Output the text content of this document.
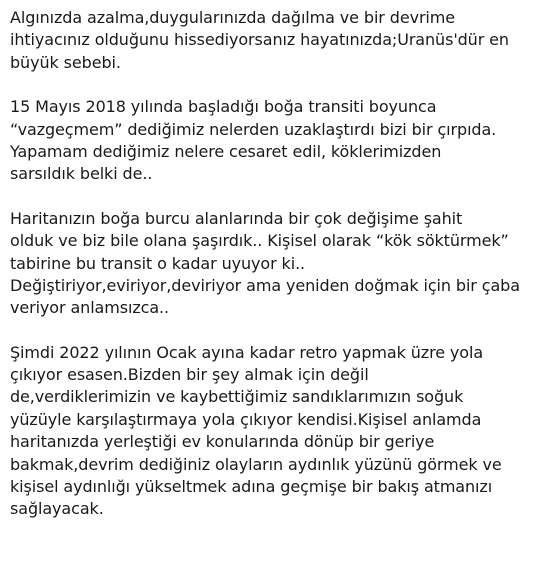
Algınızda azalma,duygularınızda dağılma ve bir devrime
ihtiyacınız olduğunu hissediyorsanız hayatınızda;Uranüs'dür en
büyük sebebi.
15 Mayıs 2018 yılında başladığı boğa transiti boyunca
“vazgeçmem” dediğimiz nelerden uzaklaştırdı bizi bir çırpıda.
Yapamam dediğimiz nelere cesaret edil, köklerimizden
sarsıldık belki de..
Haritanızın boğa burcu alanlarında bir çok değişime şahit
olduk ve biz bile olana şaşırdık.. Kişisel olarak “kök söktürmek”
tabirine bu transit o kadar uyuyor ki..
Değiştiriyor,eviriyor,deviriyor ama yeniden doğmak için bir çaba
veriyor anlamsızca..
Şimdi 2022 yılının Ocak ayına kadar retro yapmak üzre yola
çıkıyor esasen.Bizden bir şey almak için değil
de,verdiklerimizin ve kaybettiğimiz sandıklarımızın soğuk
yüzüyle karşılaştırmaya yola çıkıyor kendisi.Kişisel anlamda
haritanızda yerleştiği ev konularında dönüp bir geriye
bakmak,devrim dediğiniz olayların aydınlık yüzünü görmek ve
kişisel aydınlığı yükseltmek adına geçmişe bir bakış atmanızı
sağlayacak.
